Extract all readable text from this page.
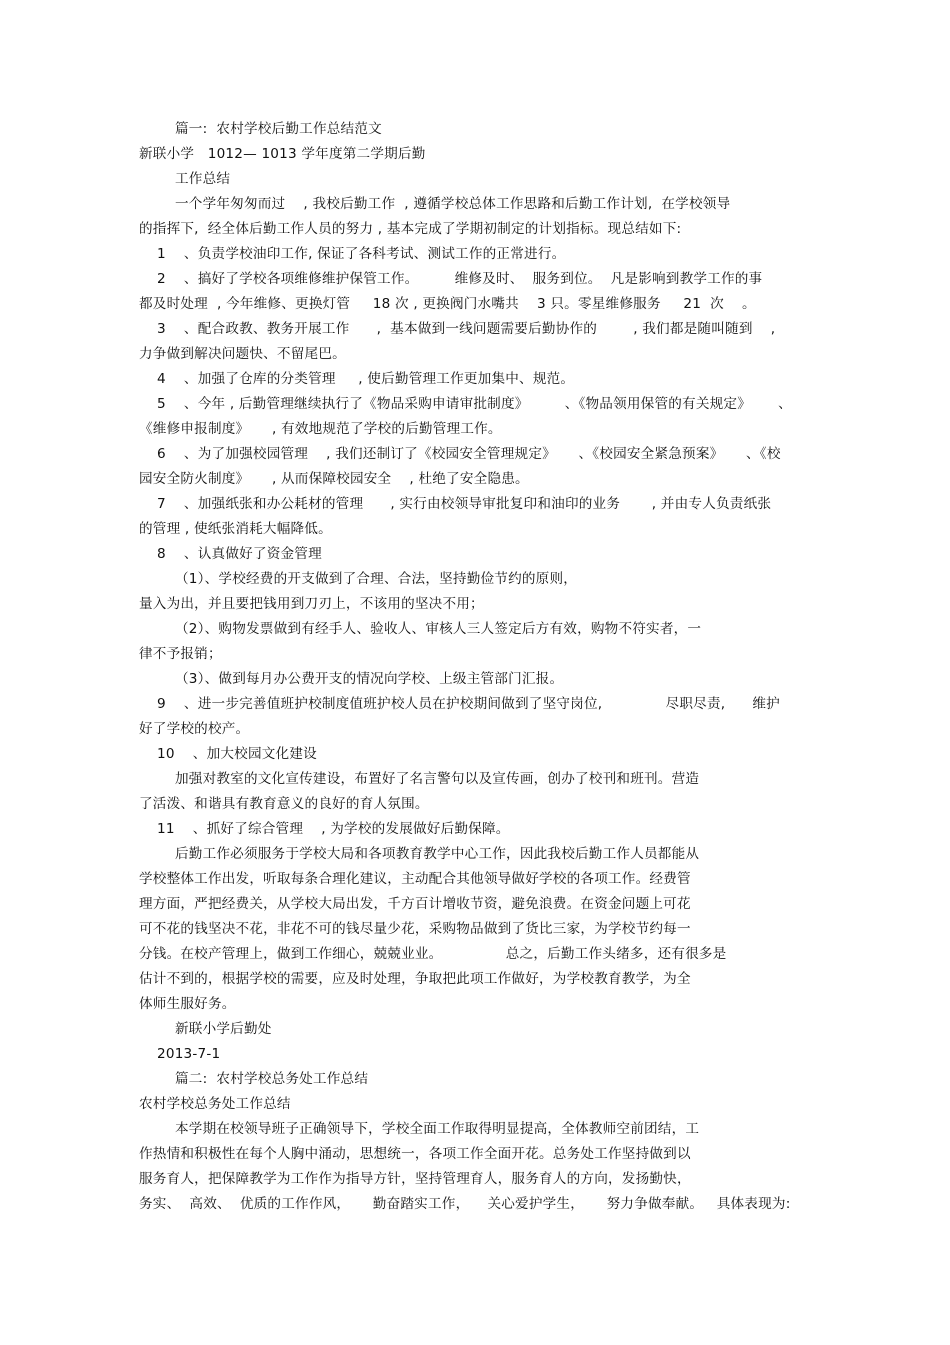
篇一:  农村学校后勤工作总结范文
新联小学   1012— 1013 学年度第二学期后勤
工作总结
一个学年匆匆而过    , 我校后勤工作  , 遵循学校总体工作思路和后勤工作计划,  在学校领导
的指挥下,  经全体后勤工作人员的努力 , 基本完成了学期初制定的计划指标。现总结如下:
1    、负责学校油印工作, 保证了各科考试、测试工作的正常进行。
2    、搞好了学校各项维修维护保管工作。        维修及时、  服务到位。  凡是影响到教学工作的事
都及时处理  , 今年维修、更换灯管     18 次 , 更换阀门水嘴共    3 只。零星维修服务     21  次    。
3    、配合政教、教务开展工作      ,  基本做到一线问题需要后勤协作的        , 我们都是随叫随到    ,
力争做到解决问题快、不留尾巴。
4    、加强了仓库的分类管理     , 使后勤管理工作更加集中、规范。
5    、今年 , 后勤管理继续执行了《物品采购申请审批制度》        、《物品领用保管的有关规定》      、
《维修申报制度》     , 有效地规范了学校的后勤管理工作。
6    、为了加强校园管理    , 我们还制订了《校园安全管理规定》     、《校园安全紧急预案》     、《校
园安全防火制度》     , 从而保障校园安全    , 杜绝了安全隐患。
7    、加强纸张和办公耗材的管理      , 实行由校领导审批复印和油印的业务       , 并由专人负责纸张
的管理 , 使纸张消耗大幅降低。
8    、认真做好了资金管理
（1）、学校经费的开支做到了合理、合法，坚持勤俭节约的原则，
量入为出，并且要把钱用到刀刃上，不该用的坚决不用；
（2）、购物发票做到有经手人、验收人、审核人三人签定后方有效，购物不符实者，一
律不予报销；
（3）、做到每月办公费开支的情况向学校、上级主管部门汇报。
9    、进一步完善值班护校制度值班护校人员在护校期间做到了坚守岗位,              尽职尽责,      维护
好了学校的校产。
10    、加大校园文化建设
加强对教室的文化宣传建设，布置好了名言警句以及宣传画，创办了校刊和班刊。营造
了活泼、和谐具有教育意义的良好的育人氛围。
11    、抓好了综合管理    , 为学校的发展做好后勤保障。
后勤工作必须服务于学校大局和各项教育教学中心工作，因此我校后勤工作人员都能从
学校整体工作出发，听取每条合理化建议，主动配合其他领导做好学校的各项工作。经费管
理方面，严把经费关，从学校大局出发，千方百计增收节资，避免浪费。在资金问题上可花
可不花的钱坚决不花，非花不可的钱尽量少花，采购物品做到了货比三家，为学校节约每一
分钱。在校产管理上，做到工作细心，兢兢业业。              总之，后勤工作头绪多，还有很多是
估计不到的，根据学校的需要，应及时处理，争取把此项工作做好，为学校教育教学，为全
体师生服好务。
新联小学后勤处
2013-7-1
篇二:  农村学校总务处工作总结
农村学校总务处工作总结
本学期在校领导班子正确领导下，学校全面工作取得明显提高，全体教师空前团结，工
作热情和积极性在每个人胸中涌动，思想统一，各项工作全面开花。总务处工作坚持做到以
服务育人，把保障教学为工作作为指导方针，坚持管理育人，服务育人的方向，发扬勤快，
务实、  高效、  优质的工作作风，     勤奋踏实工作，    关心爱护学生，     努力争做奉献。   具体表现为:
